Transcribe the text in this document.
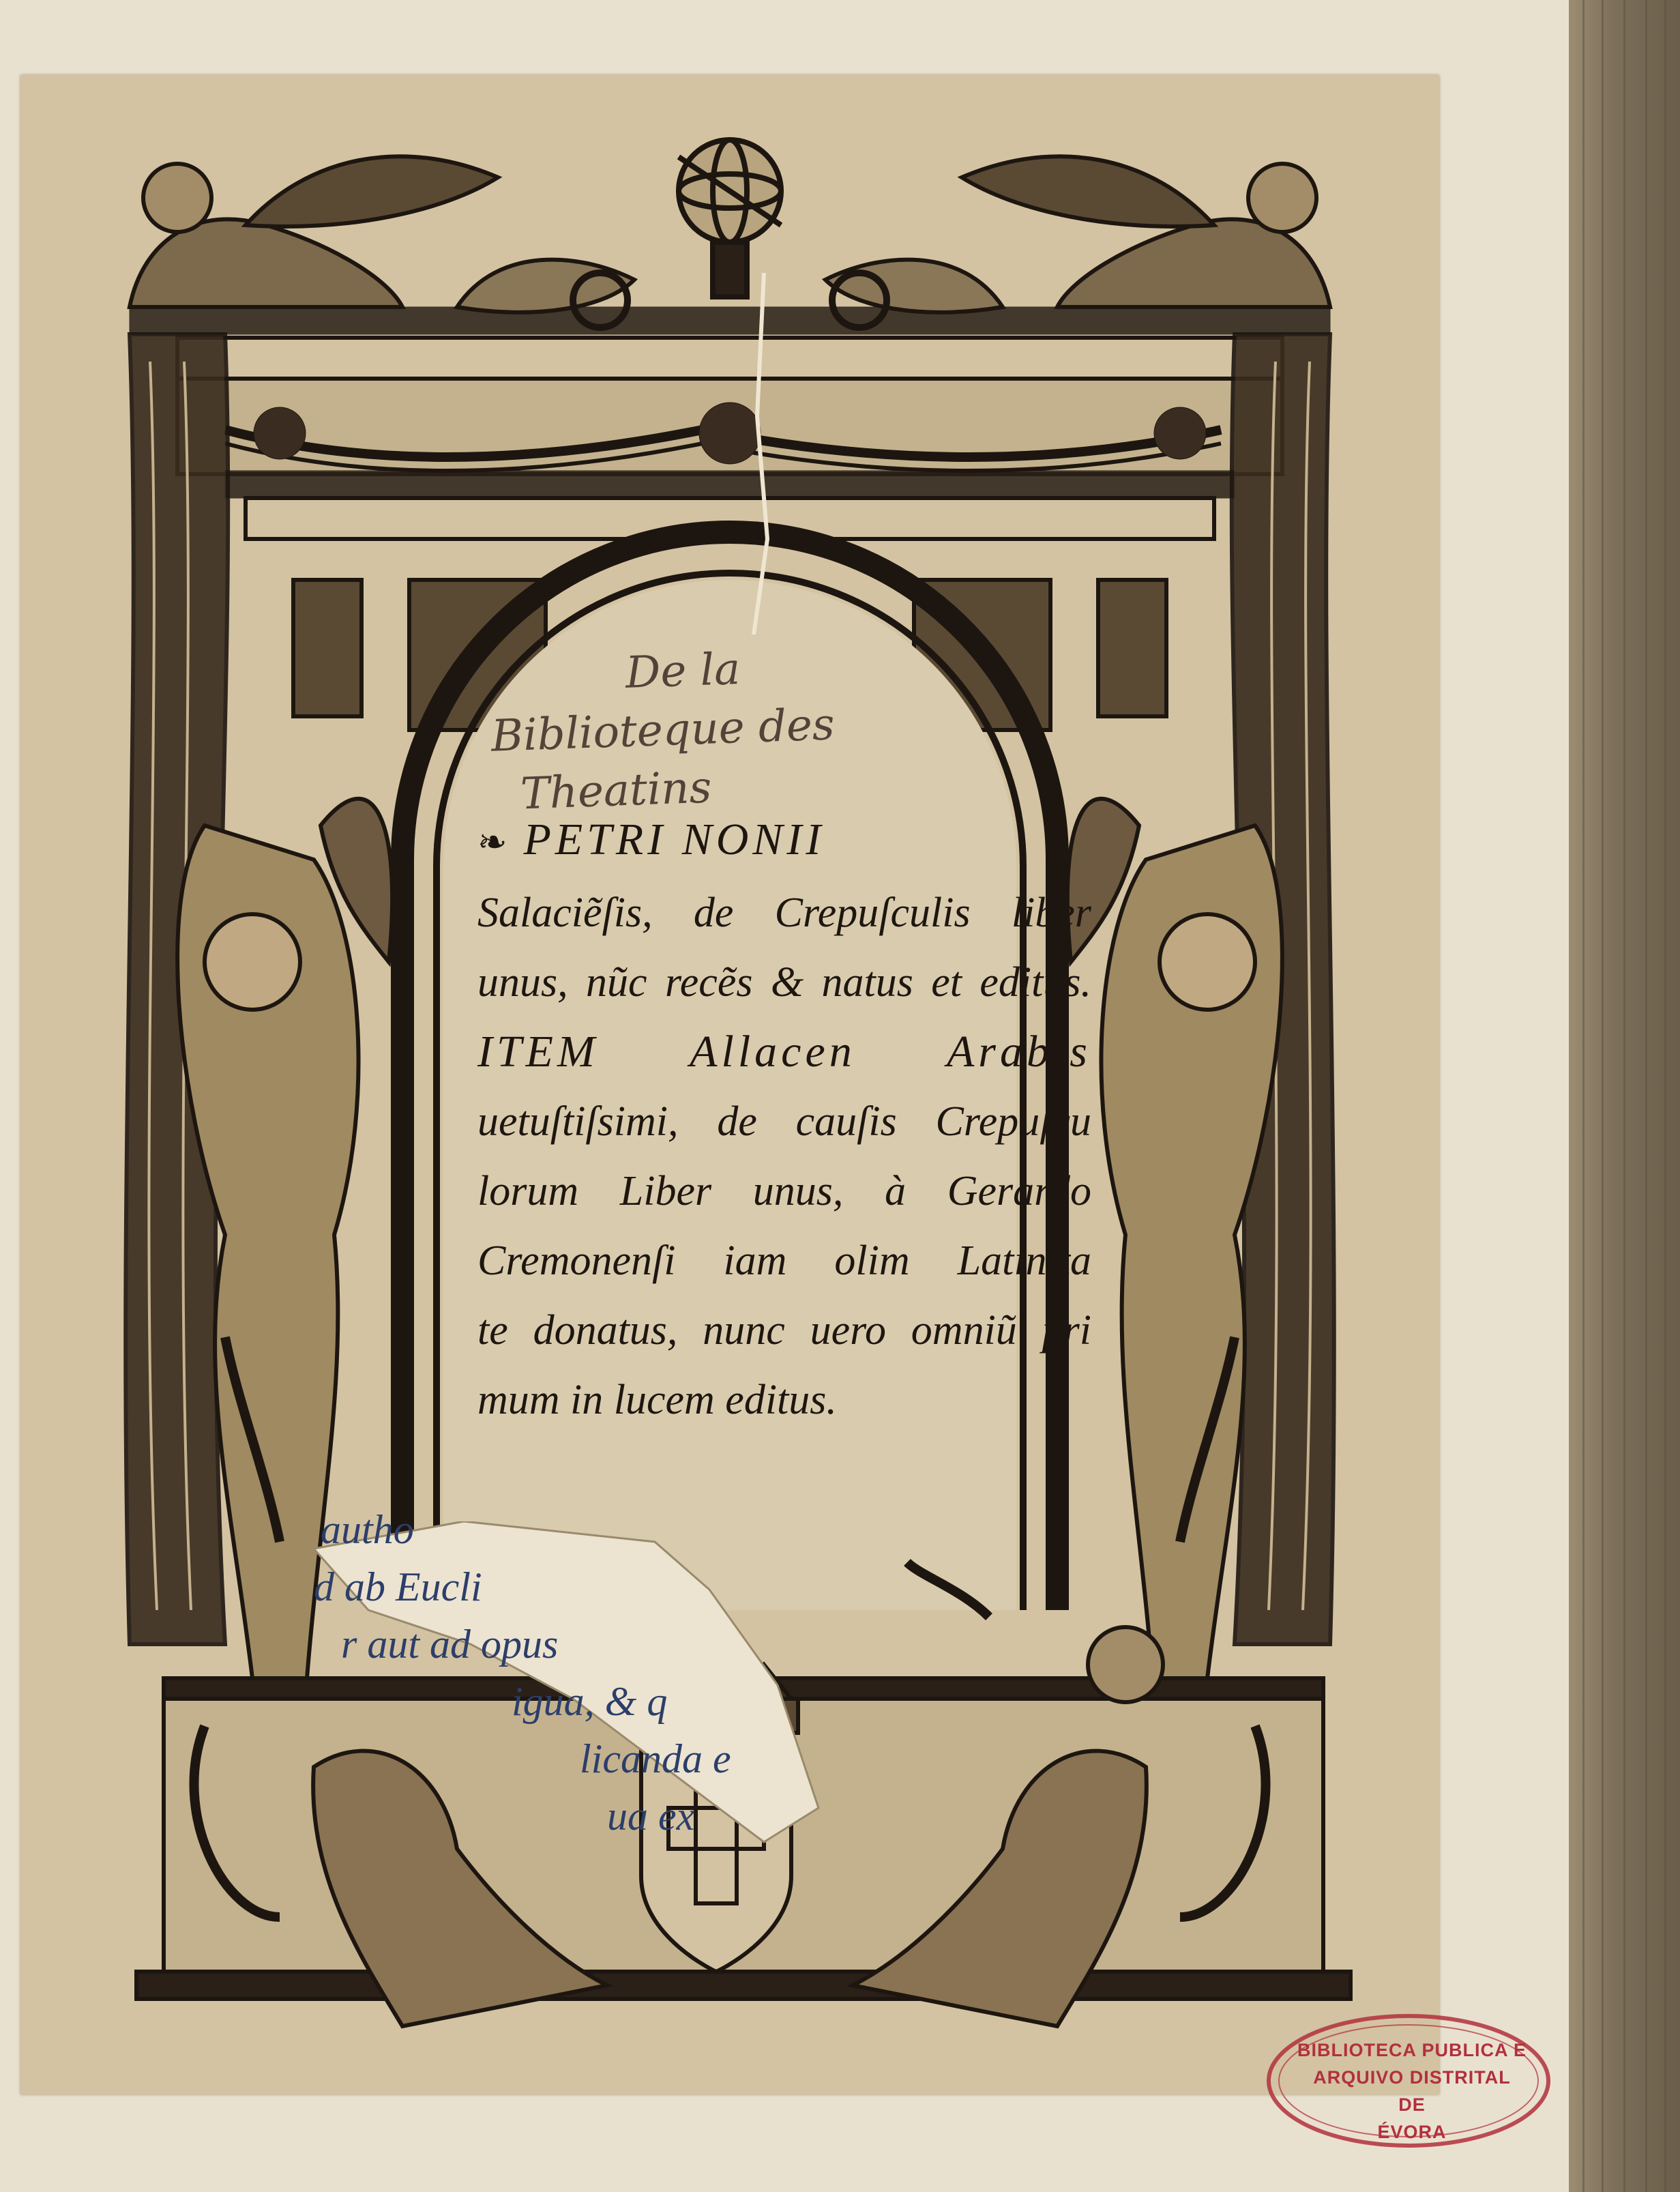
autho
d ab Eucli
r aut ad opus
igua, & q
licanda e
ua ex
De la
Biblioteque des
Theatins
❧ PETRI NONII
Salaciẽſis, de Crepuſculis liber
unus, nũc recẽs & natus et editus.
ITEM Allacen Arabis
uetuſtiſsimi, de cauſis Crepuſcu
lorum Liber unus, à Gerardo
Cremonenſi iam olim Latinita
te donatus, nunc uero omniũ pri
mum in lucem editus.
BIBLIOTECA PUBLICA E
ARQUIVO DISTRITAL
DE
ÉVORA
